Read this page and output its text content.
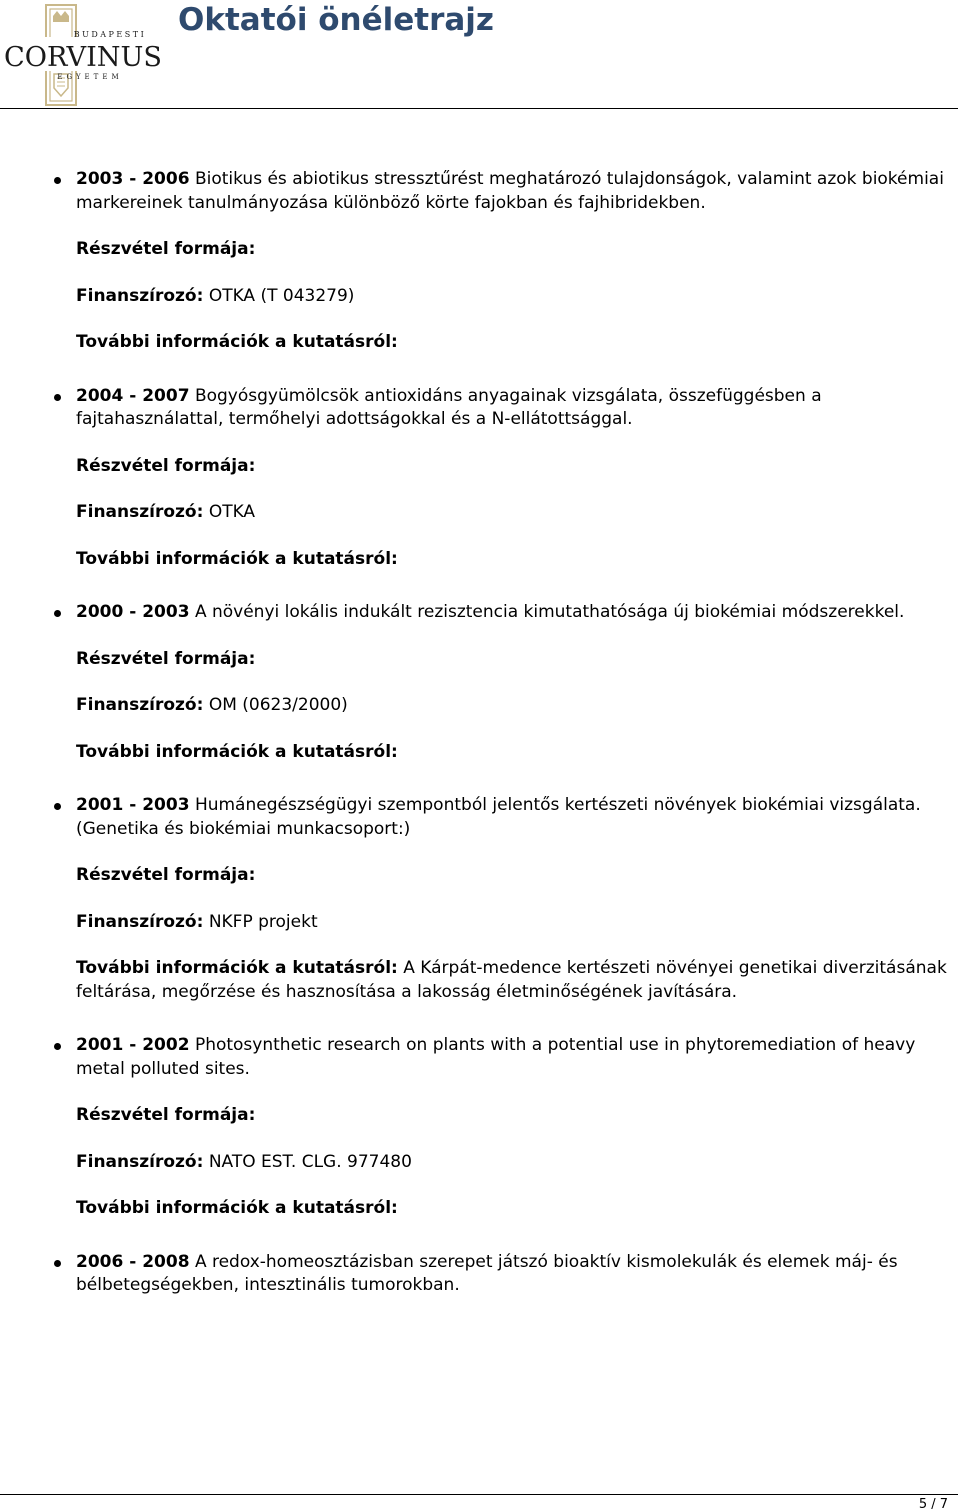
BUDAPESTI
CORVINUS
EGYETEM
Oktatói önéletrajz

2003 - 2006 Biotikus és abiotikus stressztűrést meghatározó tulajdonságok, valamint azok biokémiai markereinek tanulmányozása különböző körte fajokban és fajhibridekben.

Részvétel formája:
Finanszírozó: OTKA (T 043279)
További információk a kutatásról:

2004 - 2007 Bogyósgyümölcsök antioxidáns anyagainak vizsgálata, összefüggésben a fajtahasználattal, termőhelyi adottságokkal és a N-ellátottsággal.

Részvétel formája:
Finanszírozó: OTKA
További információk a kutatásról:

2000 - 2003 A növényi lokális indukált rezisztencia kimutathatósága új biokémiai módszerekkel.

Részvétel formája:
Finanszírozó: OM (0623/2000)
További információk a kutatásról:

2001 - 2003 Humánegészségügyi szempontból jelentős kertészeti növények biokémiai vizsgálata. (Genetika és biokémiai munkacsoport:)

Részvétel formája:
Finanszírozó: NKFP projekt
További információk a kutatásról: A Kárpát-medence kertészeti növényei genetikai diverzitásának feltárása, megőrzése és hasznosítása a lakosság életminőségének javítására.

2001 - 2002 Photosynthetic research on plants with a potential use in phytoremediation of heavy metal polluted sites.

Részvétel formája:
Finanszírozó: NATO EST. CLG. 977480
További információk a kutatásról:

2006 - 2008 A redox-homeosztázisban szerepet játszó bioaktív kismolekulák és elemek máj- és bélbetegségekben, intesztinális tumorokban.

5 / 7
